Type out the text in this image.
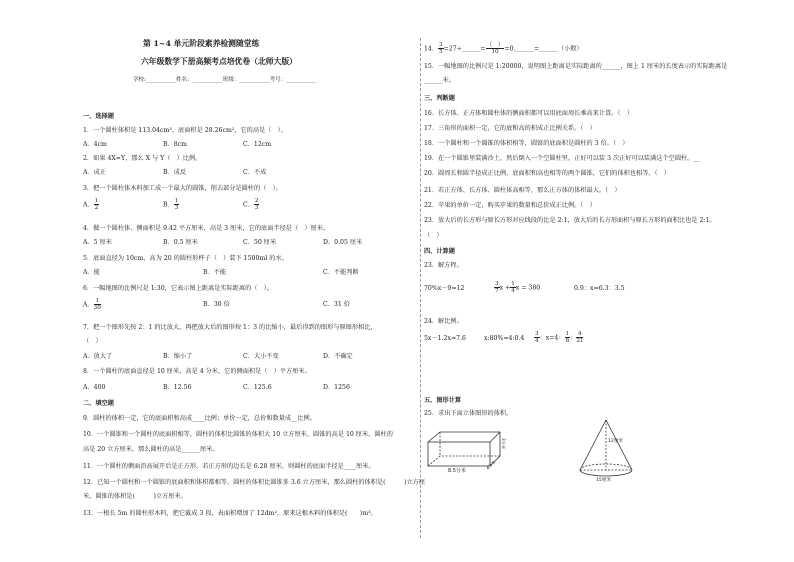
第 1~4 单元阶段素养检测随堂练
六年级数学下册高频考点培优卷（北师大版）
学校:___________姓名：___________班级：___________考号：___________
一、选择题
1．一个圆柱体积是 113.04cm³，底面积是 28.26cm²，它的高是（　）。
A．4cm	B．8cm	C．12cm
2．如果 4X=Y，那么 X 与 Y（　）比例。
A．成正	B．成反	C．不成
3．把一个圆柱体木料加工成一个最大的圆锥，削去部分是圆柱的（　）。
A． $\frac{1}{2}$	B． $\frac{1}{3}$	C． $\frac{2}{3}$
4．做一个圆柱体，侧面积是 9.42 平方厘米，高是 3 厘米，它的底面半径是（　）厘米。
A．5 厘米	B．0.5 厘米	C．50 厘米	D．0.05 厘米
5．底面直径为 10cm，高为 20 的圆柱形杯子（　）装下 1500ml 的水。
A．能	B．不能	C．不能判断
6．一幅地图的比例尺是 1:30，它表示图上距离是实际距离的（　）。
A． $\frac{1}{30}$	B．30 倍	C．31 倍
7．把一个图形先按 2：1 的比放大，再把放大后的图形按 1：3 的比缩小，最后得到的图形与原图形相比，
（　）
A．放大了	B．缩小了	C．大小不变	D．不确定
8．一个圆柱的底面直径是 10 厘米，高是 4 分米，它的侧面积是（　）平方厘米。
A．400	B．12.56	C．125.6	D．1256
二、填空题
9．圆柱的体积一定，它的底面积和高成____比例；单价一定，总价和数量成__比例。
10．一个圆锥和一个圆柱的底面积相等，圆柱的体积比圆锥的体积大 10 立方厘米，圆锥的高是 10 厘米，圆柱的
高是 20 立方厘米，那么圆柱的高是______厘米。
11．一个圆柱的侧面沿高展开后是正方形，若正方形的边长是 6.28 厘米，则圆柱的底面半径是____厘米。
12．已知一个圆柱和一个圆锥的底面积和体积都相等，圆柱的体积比圆锥多 3.6 立方厘米，那么圆柱的体积是(　　　)立方厘
米，圆锥的体积是(　　　)立方厘米。
13．一根长 5m 的圆柱形木料，把它截成 3 段，表面积增加了 12dm²，原来这根木料的体积是(　　)m³。
14． $\frac{3}{5}$ =27÷______= $\frac{( )}{10}$ =0.______=______（小数）
15．一幅地图的比例尺是 1:20000，说明图上距离是实际距离的______，图上 1 厘米的长度表示的实际距离是
______米。
三、判断题
16．长方体、正方体和圆柱体的侧面积都可以用底面周长乘高来计算。（　）
17．三角形的面积一定，它的底和高的积成正比例关系。（　）
18．一个圆柱和一个圆锥的体积相等，圆锥的底面积是圆柱的 3 倍。（　）
19．在一个圆锥里装满沙土，然后倒入一个空圆柱里，正好可以装 3 次正好可以装满这个空圆柱。__
20．圆周长和圆半径成正比例，底面积和高也相等的两个圆锥，它们的体积也相等。（　）
21．若正方体、长方体、圆柱体高相等，那么正方体的体积最大。（　）
22．苹果的单价一定，购买苹果的数量和总价成正比例。（　）
23．放大后的长方形与原长方形对应线段的比是 2:1，放大后的长方形面积与原长方形的面积比也是 2:1。
（　）
四、计算题
23．解方程。
70%x－9=12	$\frac{3}{7}$ $x + \frac{1}{4}$ x = 380	0.9：x=6.3：3.5
24．解比例。
5x－1.2x=7.6	x:80%=4:0.4 $\frac{3}{4}$ ：x=4： $\frac{1}{8}$ ： $\frac{4}{21}$
五、图形计算
25．求出下面立体图形的体积。
8.5分米
3分米
4分米
12厘米
15厘米
